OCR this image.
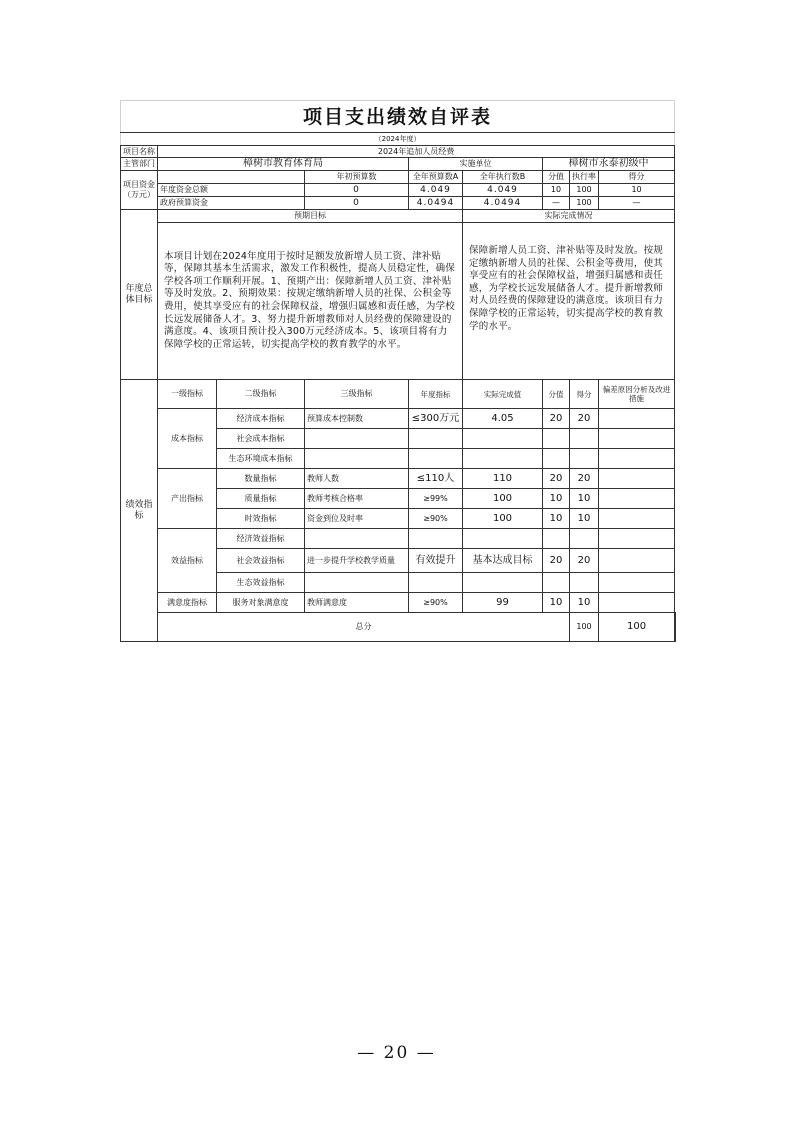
项目支出绩效自评表									
（2024年度）									
项目名称	2024年追加人员经费								
主管部门	樟树市教育体育局			实施单位		樟树市永泰初级中			
项目资金（万元）			年初预算数	全年预算数A	全年执行数B	分值	执行率	得分	
	年度资金总额		0	4.049	4.049	10	100	10	
	政府预算资金		0	4.0494	4.0494	—	100	—	
年度总体目标	预期目标				实际完成情况				
	本项目计划在2024年度用于按时足额发放新增人员工资、津补贴等，保障其基本生活需求，激发工作积极性，提高人员稳定性，确保学校各项工作顺利开展。1、预期产出：保障新增人员工资、津补贴等及时发放。2、预期效果：按规定缴纳新增人员的社保、公积金等费用，使其享受应有的社会保障权益，增强归属感和责任感，为学校长远发展储备人才。3、努力提升新增教师对人员经费的保障建设的满意度。4、该项目预计投入300万元经济成本。5、该项目将有力保障学校的正常运转，切实提高学校的教育教学的水平。				保障新增人员工资、津补贴等及时发放。按规定缴纳新增人员的社保、公积金等费用，使其享受应有的社会保障权益，增强归属感和责任感，为学校长远发展储备人才。提升新增教师对人员经费的保障建设的满意度。该项目有力保障学校的正常运转，切实提高学校的教育教学的水平。				
绩效指标	一级指标	二级指标	三级指标	年度指标	实际完成值	分值	得分	偏差原因分析及改进措施	
	成本指标	经济成本指标	预算成本控制数	≤300万元	4.05	20	20		
		社会成本指标							
		生态环境成本指标							
	产出指标	数量指标	教师人数	≤110人	110	20	20		
		质量指标	教师考核合格率	≥99%	100	10	10		
		时效指标	资金到位及时率	≥90%	100	10	10		
	效益指标	经济效益指标							
		社会效益指标	进一步提升学校教学质量	有效提升	基本达成目标	20	20		
		生态效益指标							
	满意度指标	服务对象满意度	教师满意度	≥90%	99	10	10		
	总分						100	100	
— 20 —
